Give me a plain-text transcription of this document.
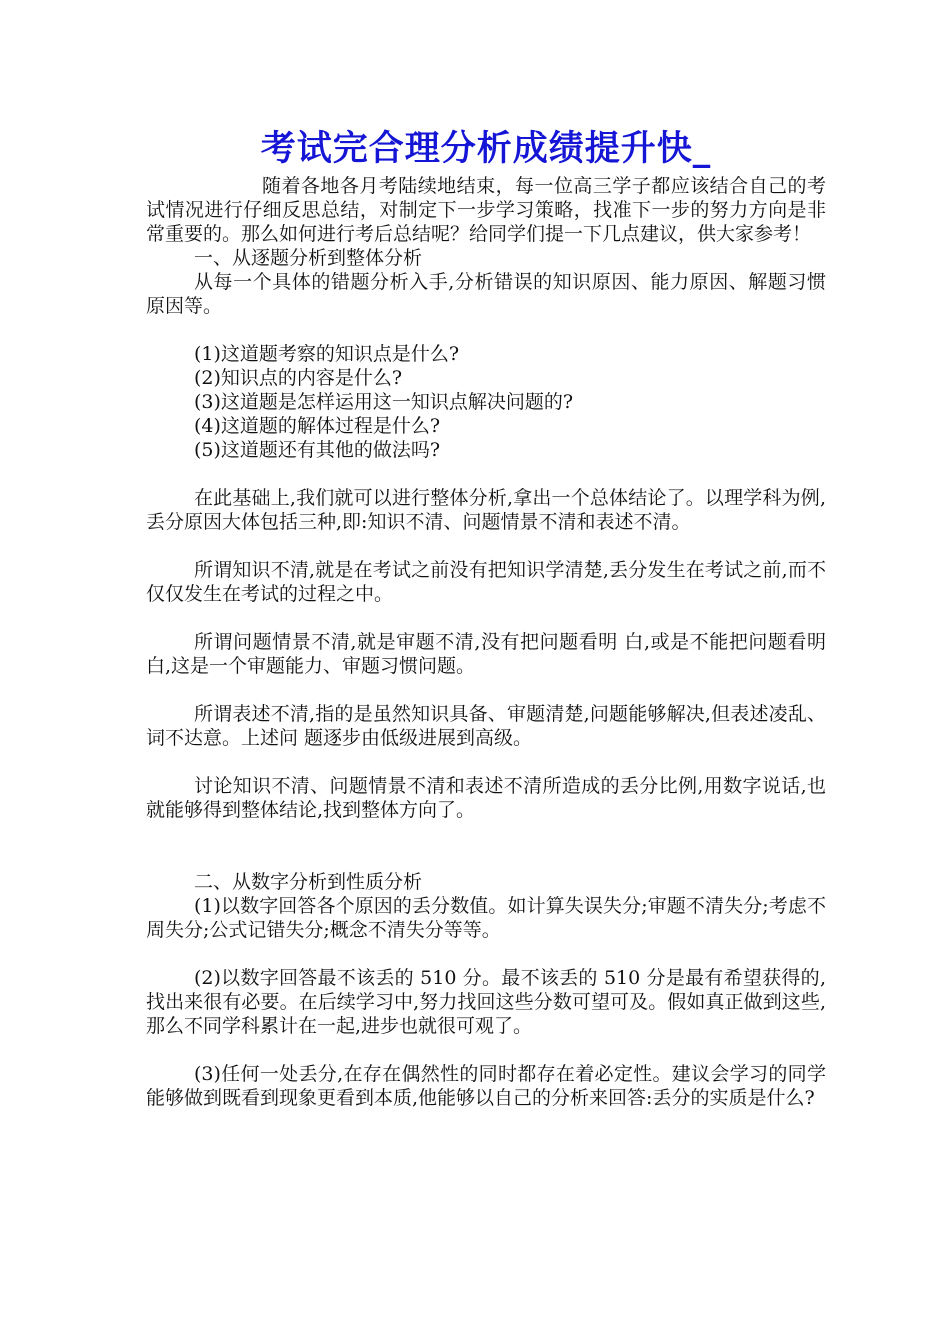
考试完合理分析成绩提升快_

随着各地各月考陆续地结束，每一位高三学子都应该结合自己的考试情况进行仔细反思总结，对制定下一步学习策略，找准下一步的努力方向是非常重要的。那么如何进行考后总结呢？给同学们提一下几点建议，供大家参考！

一、从逐题分析到整体分析

从每一个具体的错题分析入手,分析错误的知识原因、能力原因、解题习惯原因等。

(1)这道题考察的知识点是什么?

(2)知识点的内容是什么?

(3)这道题是怎样运用这一知识点解决问题的?

(4)这道题的解体过程是什么?

(5)这道题还有其他的做法吗?

在此基础上,我们就可以进行整体分析,拿出一个总体结论了。以理学科为例,丢分原因大体包括三种,即:知识不清、问题情景不清和表述不清。

所谓知识不清,就是在考试之前没有把知识学清楚,丢分发生在考试之前,而不仅仅发生在考试的过程之中。

所谓问题情景不清,就是审题不清,没有把问题看明 白,或是不能把问题看明白,这是一个审题能力、审题习惯问题。

所谓表述不清,指的是虽然知识具备、审题清楚,问题能够解决,但表述凌乱、词不达意。上述问 题逐步由低级进展到高级。

讨论知识不清、问题情景不清和表述不清所造成的丢分比例,用数字说话,也就能够得到整体结论,找到整体方向了。

二、从数字分析到性质分析

(1)以数字回答各个原因的丢分数值。如计算失误失分;审题不清失分;考虑不周失分;公式记错失分;概念不清失分等等。

(2)以数字回答最不该丢的 510 分。最不该丢的 510 分是最有希望获得的,找出来很有必要。在后续学习中,努力找回这些分数可望可及。假如真正做到这些,那么不同学科累计在一起,进步也就很可观了。

(3)任何一处丢分,在存在偶然性的同时都存在着必定性。建议会学习的同学能够做到既看到现象更看到本质,他能够以自己的分析来回答:丢分的实质是什么?
